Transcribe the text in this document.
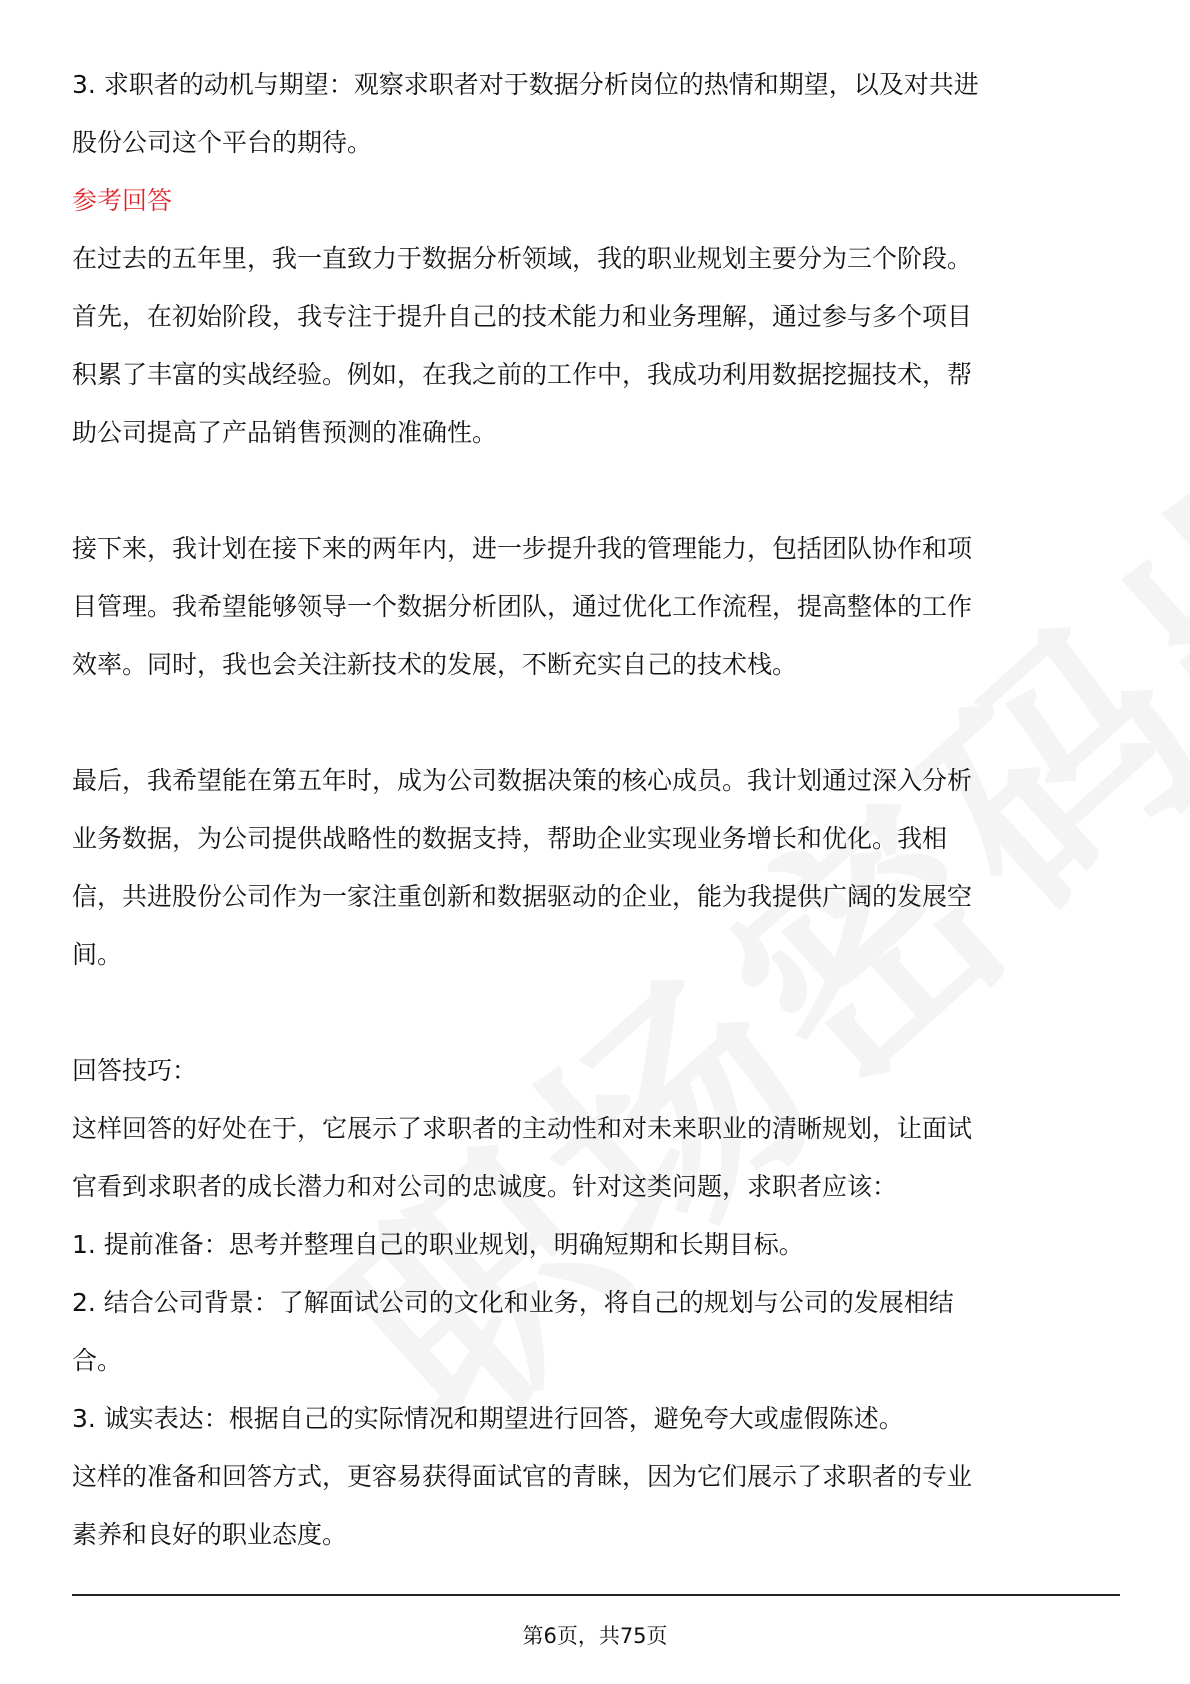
3. 求职者的动机与期望：观察求职者对于数据分析岗位的热情和期望，以及对共进
股份公司这个平台的期待。
参考回答
在过去的五年里，我一直致力于数据分析领域，我的职业规划主要分为三个阶段。
首先，在初始阶段，我专注于提升自己的技术能力和业务理解，通过参与多个项目
积累了丰富的实战经验。例如，在我之前的工作中，我成功利用数据挖掘技术，帮
助公司提高了产品销售预测的准确性。
接下来，我计划在接下来的两年内，进一步提升我的管理能力，包括团队协作和项
目管理。我希望能够领导一个数据分析团队，通过优化工作流程，提高整体的工作
效率。同时，我也会关注新技术的发展，不断充实自己的技术栈。
最后，我希望能在第五年时，成为公司数据决策的核心成员。我计划通过深入分析
业务数据，为公司提供战略性的数据支持，帮助企业实现业务增长和优化。我相
信，共进股份公司作为一家注重创新和数据驱动的企业，能为我提供广阔的发展空
间。
回答技巧：
这样回答的好处在于，它展示了求职者的主动性和对未来职业的清晰规划，让面试
官看到求职者的成长潜力和对公司的忠诚度。针对这类问题，求职者应该：
1. 提前准备：思考并整理自己的职业规划，明确短期和长期目标。
2. 结合公司背景：了解面试公司的文化和业务，将自己的规划与公司的发展相结
合。
3. 诚实表达：根据自己的实际情况和期望进行回答，避免夸大或虚假陈述。
这样的准备和回答方式，更容易获得面试官的青睐，因为它们展示了求职者的专业
素养和良好的职业态度。
第6页，共75页
